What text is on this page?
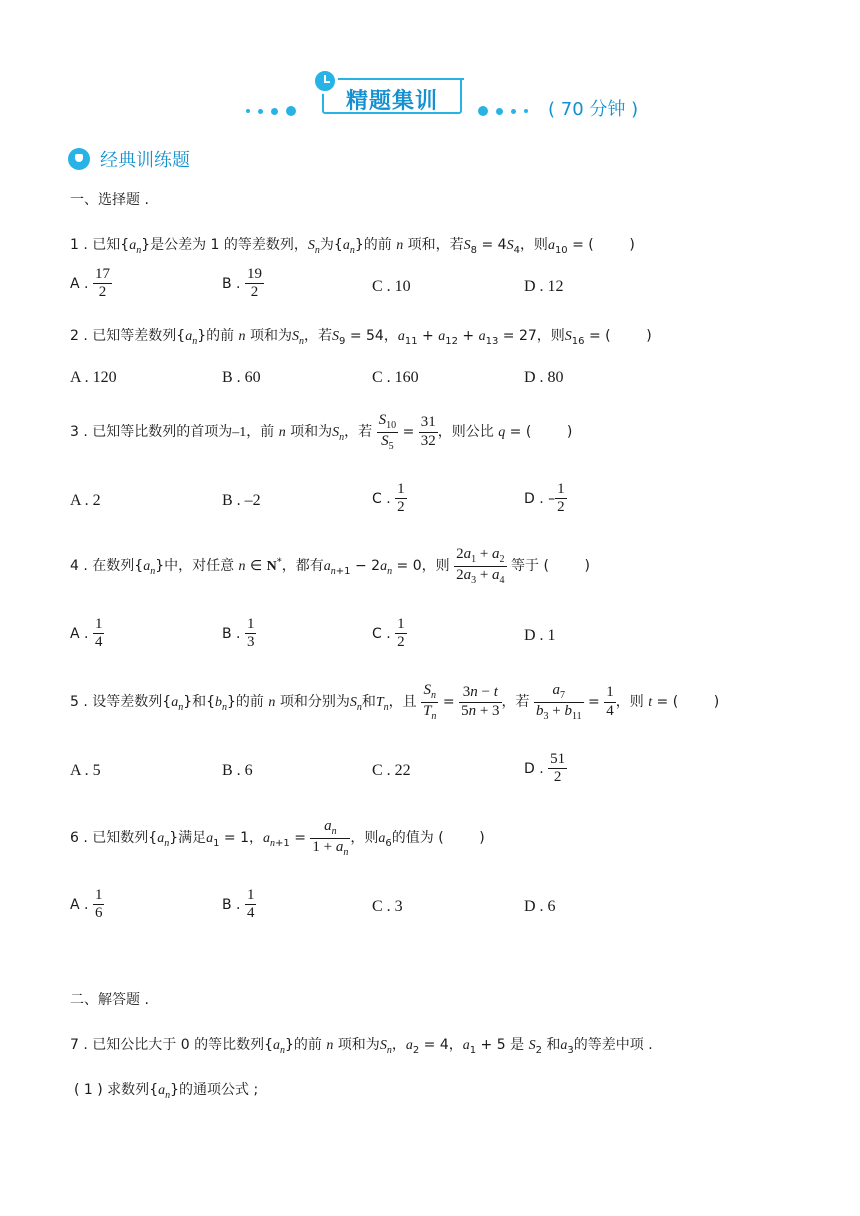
精题集训	( 70 分钟 )
经典训练题
一、选择题 .
1 . 已知$\{a_n\}$是公差为 1 的等差数列，$S_n$为$\{a_n\}$的前 n 项和，若$S_8 = 4S_4$，则$a_{10}$ = (        )
A . $\frac{17}{2}$	B . $\frac{19}{2}$	C . 10	D . 12
2 . 已知等差数列$\{a_n\}$的前 n 项和为$S_n$，若$S_9 = 54$，$a_{11} + a_{12} + a_{13} = 27$，则$S_{16}$ = (        )
A . 120	B . 60	C . 160	D . 80
3 . 已知等比数列的首项为–1，前 n 项和为$S_n$，若 $\frac{S_{10}}{S_5} = \frac{31}{32}$ ，则公比 q = (        )
A . 2	B . –2	C . $\frac{1}{2}$	D . – $\frac{1}{2}$
4 . 在数列$\{a_n\}$中，对任意 n ∈ N*，都有$a_{n+1} - 2a_n = 0$，则 $\frac{2a_1 + a_2}{2a_3 + a_4}$ 等于 (        )
A . $\frac{1}{4}$	B . $\frac{1}{3}$	C . $\frac{1}{2}$	D . 1
5 . 设等差数列$\{a_n\}$和$\{b_n\}$的前 n 项和分别为$S_n$和$T_n$，且 $\frac{S_n}{T_n} = \frac{3n - t}{5n + 3}$ ，若 $\frac{a_7}{b_3 + b_{11}} = \frac{1}{4}$ ，则 t = (        )
A . 5	B . 6	C . 22	D . $\frac{51}{2}$
6 . 已知数列$\{a_n\}$满足$a_1 = 1$，$a_{n+1} = \frac{a_n}{1 + a_n}$ ，则$a_6$的值为 (        )
A . $\frac{1}{6}$	B . $\frac{1}{4}$	C . 3	D . 6
二、解答题 .
7 . 已知公比大于 0 的等比数列$\{a_n\}$的前 n 项和为$S_n$，$a_2 = 4$，$a_1 + 5$ 是 $S_2$ 和$a_3$的等差中项 .
( 1 ) 求数列$\{a_n\}$的通项公式 ;
